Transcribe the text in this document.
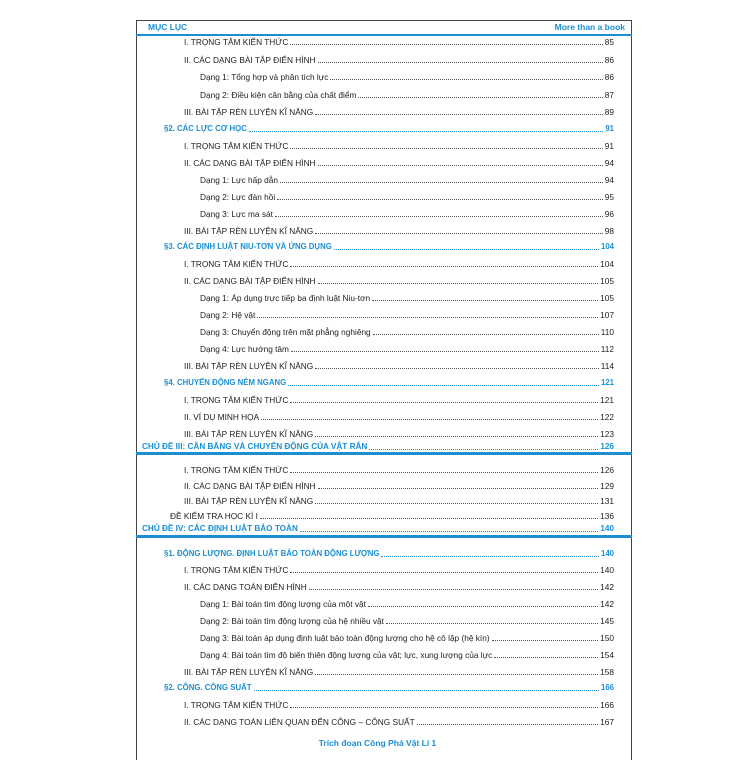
MỤC LỤC	More than a book
I. TRỌNG TÂM KIẾN THỨC	85
II. CÁC DẠNG BÀI TẬP ĐIỂN HÌNH	86
Dạng 1: Tổng hợp và phân tích lực	86
Dạng 2: Điều kiện cân bằng của chất điểm	87
III. BÀI TẬP RÈN LUYỆN KĨ NĂNG	89
§2. CÁC LỰC CƠ HỌC	91
I. TRỌNG TÂM KIẾN THỨC	91
II. CÁC DẠNG BÀI TẬP ĐIỂN HÌNH	94
Dạng 1: Lực hấp dẫn	94
Dạng 2: Lực đàn hồi	95
Dạng 3: Lực ma sát	96
III. BÀI TẬP RÈN LUYỆN KĨ NĂNG	98
§3. CÁC ĐỊNH LUẬT NIU-TƠN VÀ ỨNG DỤNG	104
I. TRỌNG TÂM KIẾN THỨC	104
II. CÁC DẠNG BÀI TẬP ĐIỂN HÌNH	105
Dạng 1: Áp dụng trực tiếp ba định luật Niu-tơn	105
Dạng 2: Hệ vật	107
Dạng 3: Chuyển động trên mặt phẳng nghiêng	110
Dạng 4: Lực hướng tâm	112
III. BÀI TẬP RÈN LUYỆN KĨ NĂNG	114
§4. CHUYỂN ĐỘNG NÉM NGANG	121
I. TRỌNG TÂM KIẾN THỨC	121
II. VÍ DỤ MINH HỌA	122
III. BÀI TẬP RÈN LUYỆN KĨ NĂNG	123
CHỦ ĐỀ III: CÂN BẰNG VÀ CHUYỂN ĐỘNG CỦA VẬT RẮN	126
I. TRỌNG TÂM KIẾN THỨC	126
II. CÁC DẠNG BÀI TẬP ĐIỂN HÌNH	129
III. BÀI TẬP RÈN LUYỆN KĨ NĂNG	131
ĐỀ KIỂM TRA HỌC KÌ I	136
CHỦ ĐỀ IV: CÁC ĐỊNH LUẬT BẢO TOÀN	140
§1. ĐỘNG LƯỢNG. ĐỊNH LUẬT BẢO TOÀN ĐỘNG LƯỢNG	140
I. TRỌNG TÂM KIẾN THỨC	140
II. CÁC DẠNG TOÁN ĐIỂN HÌNH	142
Dạng 1: Bài toán tìm động lượng của một vật	142
Dạng 2: Bài toán tìm động lượng của hệ nhiều vật	145
Dạng 3: Bài toán áp dụng định luật bảo toàn động lượng cho hệ cô lập (hệ kín)	150
Dạng 4: Bài toán tìm độ biến thiên động lượng của vật; lực, xung lượng của lực	154
III. BÀI TẬP RÈN LUYỆN KĨ NĂNG	158
§2. CÔNG. CÔNG SUẤT	166
I. TRỌNG TÂM KIẾN THỨC	166
II. CÁC DẠNG TOÁN LIÊN QUAN ĐẾN CÔNG – CÔNG SUẤT	167
Trích đoạn Công Phá Vật Lí 1
